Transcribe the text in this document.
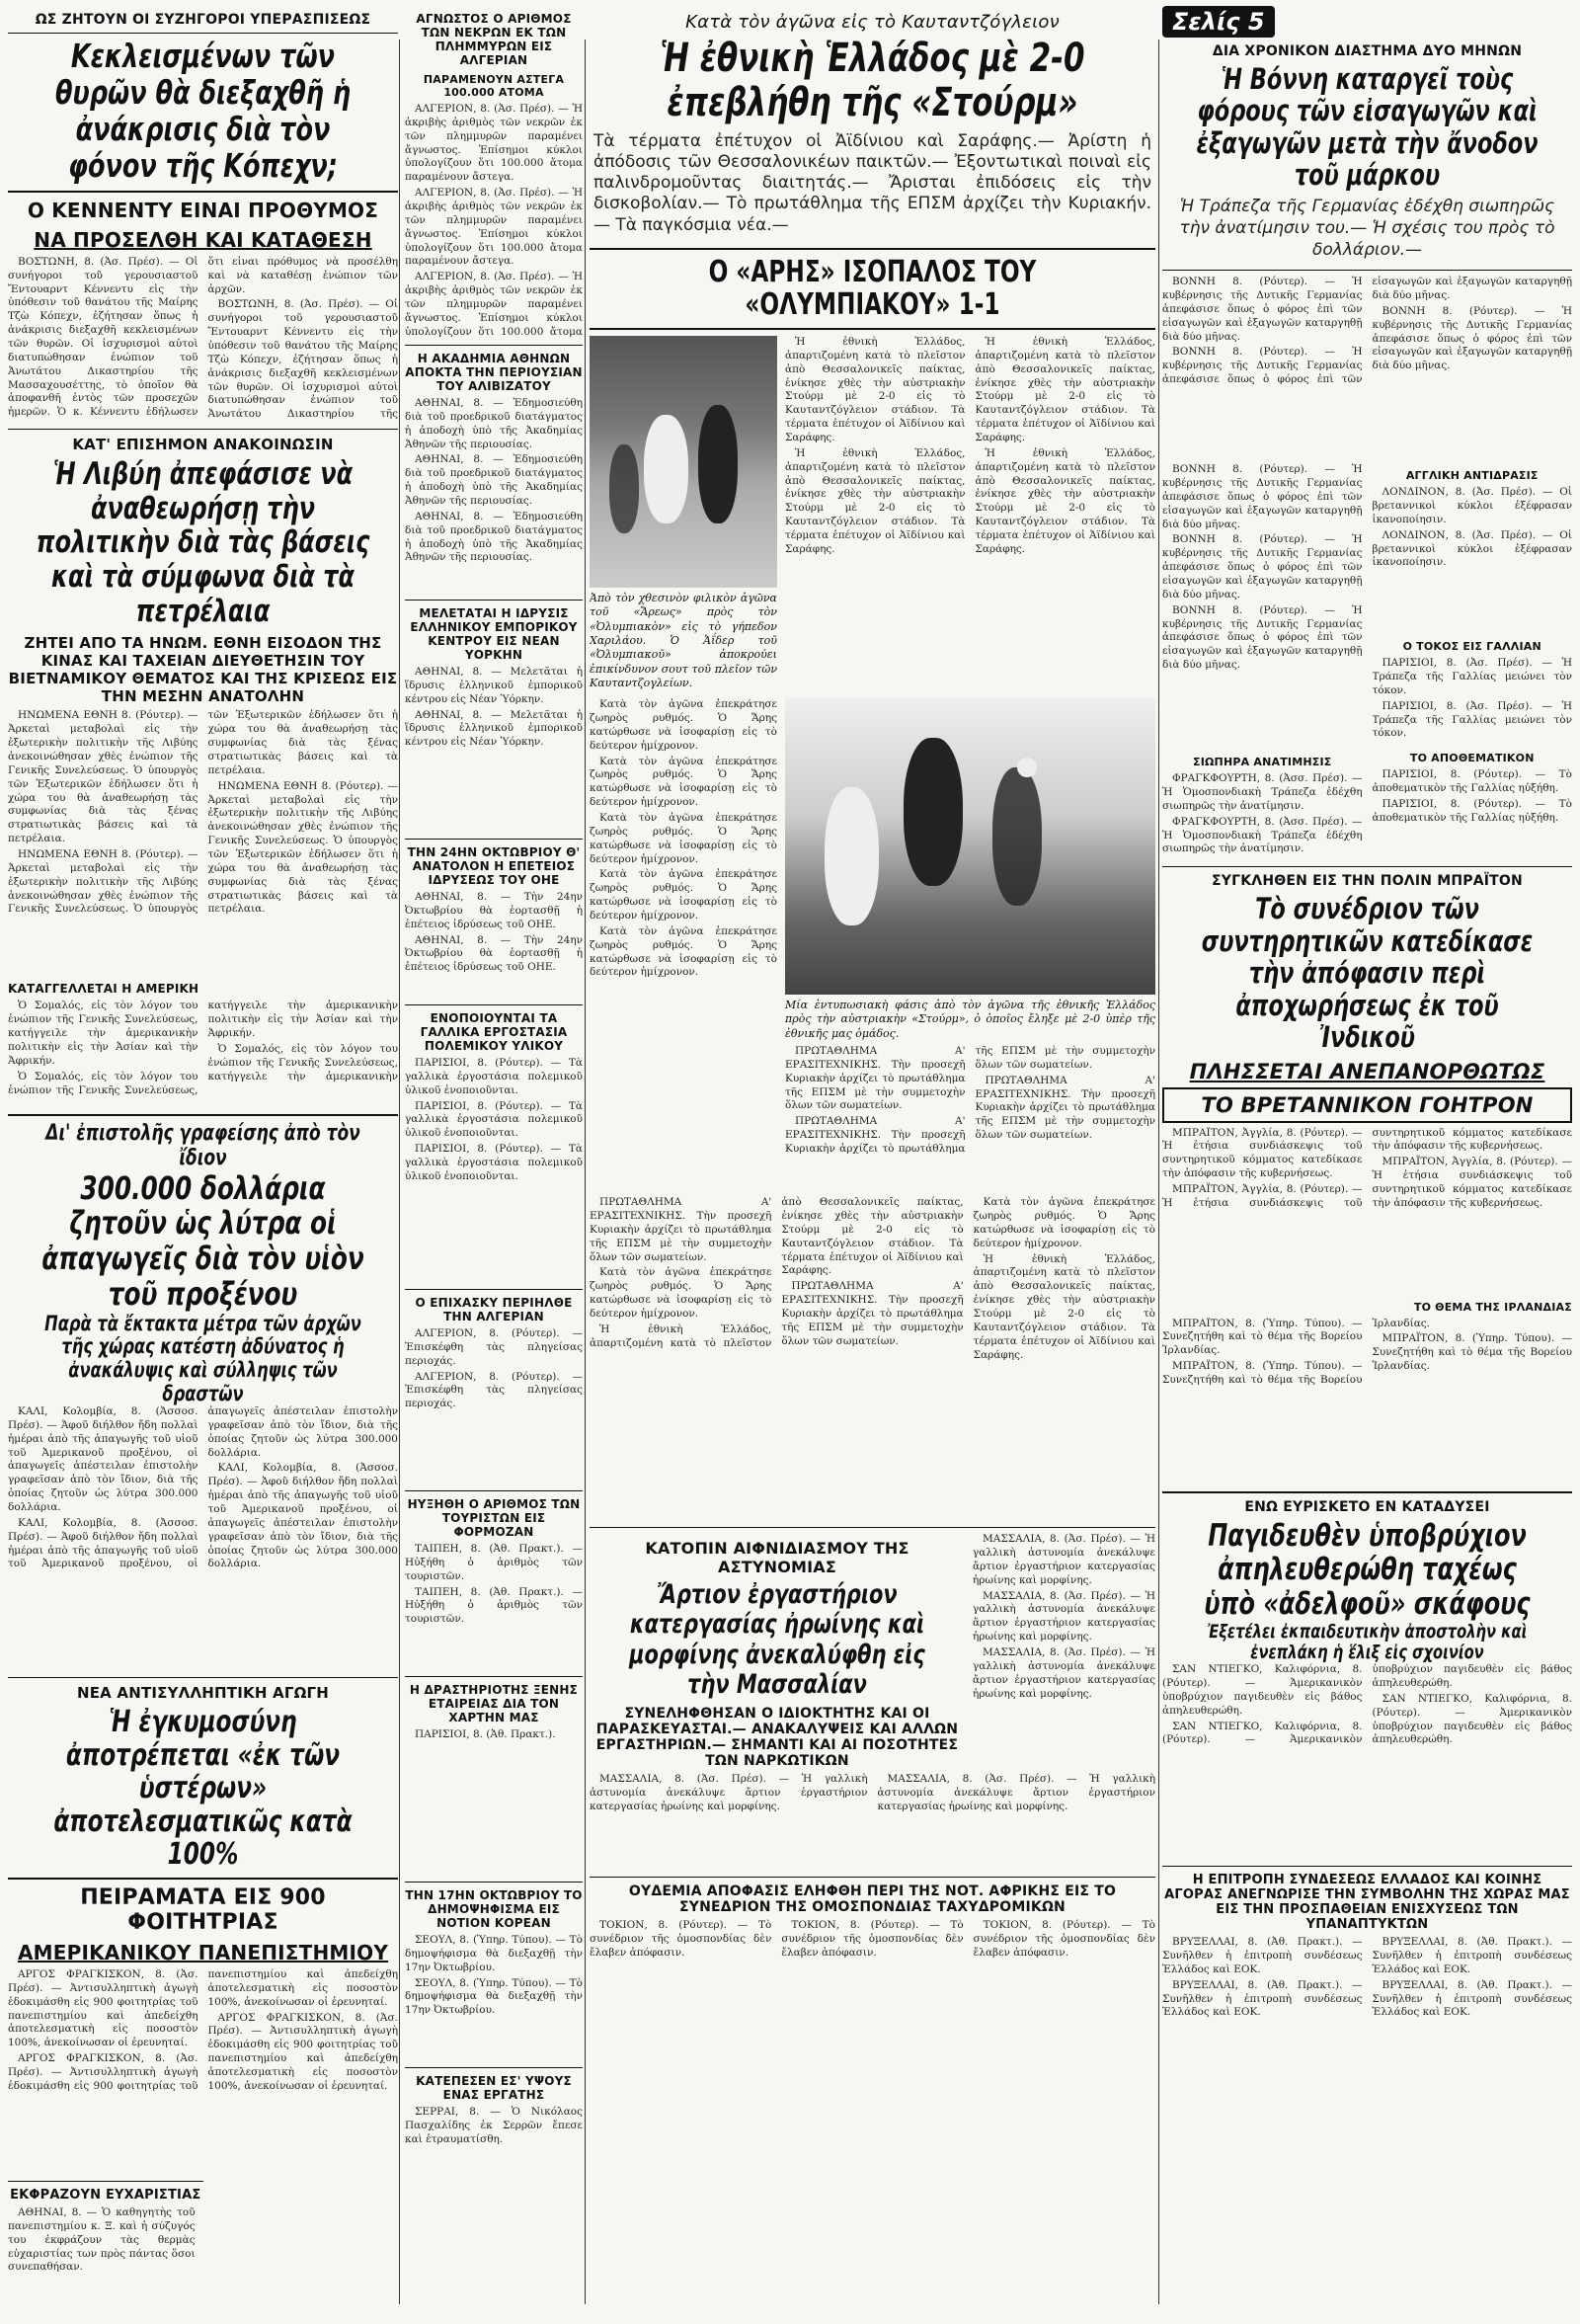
ΩΣ ΖΗΤΟΥΝ ΟΙ ΣΥΖΗΓΟΡΟΙ ΥΠΕΡΑΣΠΙΣΕΩΣ
Κεκλεισμένων τῶν θυρῶν θὰ διεξαχθῆ ἡ ἀνάκρισις διὰ τὸν φόνον τῆς Κόπεχν;
Ο ΚΕΝΝΕΝΤΥ ΕΙΝΑΙ ΠΡΟΘΥΜΟΣ
ΝΑ ΠΡΟΣΕΛΘΗ ΚΑΙ ΚΑΤΑΘΕΣΗ

ΒΟΣΤΩΝΗ, 8. (Ἀσ. Πρέσ). — Οἱ συνήγοροι τοῦ γερουσιαστοῦ Ἔντουαρντ Κέννεντυ εἰς τὴν ὑπόθεσιν τοῦ θανάτου τῆς Μαίρης Τζὼ Κόπεχν, ἐζήτησαν ὅπως ἡ ἀνάκρισις διεξαχθῆ κεκλεισμένων τῶν θυρῶν. Οἱ ἰσχυρισμοὶ αὐτοὶ διατυπώθησαν ἐνώπιον τοῦ Ἀνωτάτου Δικαστηρίου τῆς Μασσαχουσέττης, τὸ ὁποῖον θὰ ἀποφανθῆ ἐντὸς τῶν προσεχῶν ἡμερῶν. Ὁ κ. Κέννεντυ ἐδήλωσεν ὅτι εἶναι πρόθυμος νὰ προσέλθη καὶ νὰ καταθέσῃ ἐνώπιον τῶν ἀρχῶν.

ΒΟΣΤΩΝΗ, 8. (Ἀσ. Πρέσ). — Οἱ συνήγοροι τοῦ γερουσιαστοῦ Ἔντουαρντ Κέννεντυ εἰς τὴν ὑπόθεσιν τοῦ θανάτου τῆς Μαίρης Τζὼ Κόπεχν, ἐζήτησαν ὅπως ἡ ἀνάκρισις διεξαχθῆ κεκλεισμένων τῶν θυρῶν. Οἱ ἰσχυρισμοὶ αὐτοὶ διατυπώθησαν ἐνώπιον τοῦ Ἀνωτάτου Δικαστηρίου τῆς

ΚΑΤ' ΕΠΙΣΗΜΟΝ ΑΝΑΚΟΙΝΩΣΙΝ
Ἡ Λιβύη ἀπεφάσισε νὰ ἀναθεωρήσῃ τὴν πολιτικὴν διὰ τὰς βάσεις καὶ τὰ σύμφωνα διὰ τὰ πετρέλαια
ΖΗΤΕΙ ΑΠΟ ΤΑ ΗΝΩΜ. ΕΘΝΗ ΕΙΣΟΔΟΝ ΤΗΣ ΚΙΝΑΣ ΚΑΙ ΤΑΧΕΙΑΝ ΔΙΕΥΘΕΤΗΣΙΝ ΤΟΥ ΒΙΕΤΝΑΜΙΚΟΥ ΘΕΜΑΤΟΣ ΚΑΙ ΤΗΣ ΚΡΙΣΕΩΣ ΕΙΣ ΤΗΝ ΜΕΣΗΝ ΑΝΑΤΟΛΗΝ

ΗΝΩΜΕΝΑ ΕΘΝΗ 8. (Ρόυτερ). — Ἀρκεταὶ μεταβολαὶ εἰς τὴν ἐξωτερικὴν πολιτικὴν τῆς Λιβύης ἀνεκοινώθησαν χθὲς ἐνώπιον τῆς Γενικῆς Συνελεύσεως. Ὁ ὑπουργὸς τῶν Ἐξωτερικῶν ἐδήλωσεν ὅτι ἡ χώρα του θὰ ἀναθεωρήσῃ τὰς συμφωνίας διὰ τὰς ξένας στρατιωτικὰς βάσεις καὶ τὰ πετρέλαια.

ΗΝΩΜΕΝΑ ΕΘΝΗ 8. (Ρόυτερ). — Ἀρκεταὶ μεταβολαὶ εἰς τὴν ἐξωτερικὴν πολιτικὴν τῆς Λιβύης ἀνεκοινώθησαν χθὲς ἐνώπιον τῆς Γενικῆς Συνελεύσεως. Ὁ ὑπουργὸς τῶν Ἐξωτερικῶν ἐδήλωσεν ὅτι ἡ χώρα του θὰ ἀναθεωρήσῃ τὰς συμφωνίας διὰ τὰς ξένας στρατιωτικὰς βάσεις καὶ τὰ πετρέλαια.

ΗΝΩΜΕΝΑ ΕΘΝΗ 8. (Ρόυτερ). — Ἀρκεταὶ μεταβολαὶ εἰς τὴν ἐξωτερικὴν πολιτικὴν τῆς Λιβύης ἀνεκοινώθησαν χθὲς ἐνώπιον τῆς Γενικῆς Συνελεύσεως. Ὁ ὑπουργὸς τῶν Ἐξωτερικῶν ἐδήλωσεν ὅτι ἡ χώρα του θὰ ἀναθεωρήσῃ τὰς συμφωνίας διὰ τὰς ξένας στρατιωτικὰς βάσεις καὶ τὰ πετρέλαια.

ΚΑΤΑΓΓΕΛΛΕΤΑΙ Η ΑΜΕΡΙΚΗ

Ὁ Σομαλός, εἰς τὸν λόγον του ἐνώπιον τῆς Γενικῆς Συνελεύσεως, κατήγγειλε τὴν ἀμερικανικὴν πολιτικὴν εἰς τὴν Ἀσίαν καὶ τὴν Ἀφρικήν.

Ὁ Σομαλός, εἰς τὸν λόγον του ἐνώπιον τῆς Γενικῆς Συνελεύσεως, κατήγγειλε τὴν ἀμερικανικὴν πολιτικὴν εἰς τὴν Ἀσίαν καὶ τὴν Ἀφρικήν.

Ὁ Σομαλός, εἰς τὸν λόγον του ἐνώπιον τῆς Γενικῆς Συνελεύσεως, κατήγγειλε τὴν ἀμερικανικὴν

Δι' ἐπιστολῆς γραφείσης ἀπὸ τὸν ἴδιον
300.000 δολλάρια ζητοῦν ὡς λύτρα οἱ ἀπαγωγεῖς διὰ τὸν υἱὸν τοῦ προξένου
Παρὰ τὰ ἔκτακτα μέτρα τῶν ἀρχῶν τῆς χώρας κατέστη ἀδύνατος ἡ ἀνακάλυψις καὶ σύλληψις τῶν δραστῶν

ΚΑΛΙ, Κολομβία, 8. (Ἀσσοσ. Πρέσ). — Ἀφοῦ διήλθον ἤδη πολλαὶ ἡμέραι ἀπὸ τῆς ἀπαγωγῆς τοῦ υἱοῦ τοῦ Ἀμερικανοῦ προξένου, οἱ ἀπαγωγεῖς ἀπέστειλαν ἐπιστολὴν γραφεῖσαν ἀπὸ τὸν ἴδιον, διὰ τῆς ὁποίας ζητοῦν ὡς λύτρα 300.000 δολλάρια.

ΚΑΛΙ, Κολομβία, 8. (Ἀσσοσ. Πρέσ). — Ἀφοῦ διήλθον ἤδη πολλαὶ ἡμέραι ἀπὸ τῆς ἀπαγωγῆς τοῦ υἱοῦ τοῦ Ἀμερικανοῦ προξένου, οἱ ἀπαγωγεῖς ἀπέστειλαν ἐπιστολὴν γραφεῖσαν ἀπὸ τὸν ἴδιον, διὰ τῆς ὁποίας ζητοῦν ὡς λύτρα 300.000 δολλάρια.

ΚΑΛΙ, Κολομβία, 8. (Ἀσσοσ. Πρέσ). — Ἀφοῦ διήλθον ἤδη πολλαὶ ἡμέραι ἀπὸ τῆς ἀπαγωγῆς τοῦ υἱοῦ τοῦ Ἀμερικανοῦ προξένου, οἱ ἀπαγωγεῖς ἀπέστειλαν ἐπιστολὴν γραφεῖσαν ἀπὸ τὸν ἴδιον, διὰ τῆς ὁποίας ζητοῦν ὡς λύτρα 300.000 δολλάρια.

ΝΕΑ ΑΝΤΙΣΥΛΛΗΠΤΙΚΗ ΑΓΩΓΗ
Ἡ ἐγκυμοσύνη ἀποτρέπεται «ἐκ τῶν ὑστέρων» ἀποτελεσματικῶς κατὰ 100%
ΠΕΙΡΑΜΑΤΑ ΕΙΣ 900 ΦΟΙΤΗΤΡΙΑΣ
ΑΜΕΡΙΚΑΝΙΚΟΥ ΠΑΝΕΠΙΣΤΗΜΙΟΥ

ΑΡΓΟΣ ΦΡΑΓΚΙΣΚΟΝ, 8. (Ἀσ. Πρέσ). — Ἀντισυλληπτικὴ ἀγωγὴ ἐδοκιμάσθη εἰς 900 φοιτητρίας τοῦ πανεπιστημίου καὶ ἀπεδείχθη ἀποτελεσματικὴ εἰς ποσοστὸν 100%, ἀνεκοίνωσαν οἱ ἐρευνηταί.

ΑΡΓΟΣ ΦΡΑΓΚΙΣΚΟΝ, 8. (Ἀσ. Πρέσ). — Ἀντισυλληπτικὴ ἀγωγὴ ἐδοκιμάσθη εἰς 900 φοιτητρίας τοῦ πανεπιστημίου καὶ ἀπεδείχθη ἀποτελεσματικὴ εἰς ποσοστὸν 100%, ἀνεκοίνωσαν οἱ ἐρευνηταί.

ΑΡΓΟΣ ΦΡΑΓΚΙΣΚΟΝ, 8. (Ἀσ. Πρέσ). — Ἀντισυλληπτικὴ ἀγωγὴ ἐδοκιμάσθη εἰς 900 φοιτητρίας τοῦ πανεπιστημίου καὶ ἀπεδείχθη ἀποτελεσματικὴ εἰς ποσοστὸν 100%, ἀνεκοίνωσαν οἱ ἐρευνηταί.

ΕΚΦΡΑΖΟΥΝ ΕΥΧΑΡΙΣΤΙΑΣ

ΑΘΗΝΑΙ, 8. — Ὁ καθηγητὴς τοῦ πανεπιστημίου κ. Ξ. καὶ ἡ σύζυγός του ἐκφράζουν τὰς θερμὰς εὐχαριστίας των πρὸς πάντας ὅσοι συνεπαθήσαν.

ΑΓΝΩΣΤΟΣ Ο ΑΡΙΘΜΟΣ ΤΩΝ ΝΕΚΡΩΝ ΕΚ ΤΩΝ ΠΛΗΜΜΥΡΩΝ ΕΙΣ ΑΛΓΕΡΙΑΝ
ΠΑΡΑΜΕΝΟΥΝ ΑΣΤΕΓΑ 100.000 ΑΤΟΜΑ

ΑΛΓΕΡΙΟΝ, 8. (Ἀσ. Πρέσ). — Ἡ ἀκριβὴς ἀριθμὸς τῶν νεκρῶν ἐκ τῶν πλημμυρῶν παραμένει ἄγνωστος. Ἐπίσημοι κύκλοι ὑπολογίζουν ὅτι 100.000 ἄτομα παραμένουν ἄστεγα.

ΑΛΓΕΡΙΟΝ, 8. (Ἀσ. Πρέσ). — Ἡ ἀκριβὴς ἀριθμὸς τῶν νεκρῶν ἐκ τῶν πλημμυρῶν παραμένει ἄγνωστος. Ἐπίσημοι κύκλοι ὑπολογίζουν ὅτι 100.000 ἄτομα παραμένουν ἄστεγα.

ΑΛΓΕΡΙΟΝ, 8. (Ἀσ. Πρέσ). — Ἡ ἀκριβὴς ἀριθμὸς τῶν νεκρῶν ἐκ τῶν πλημμυρῶν παραμένει ἄγνωστος. Ἐπίσημοι κύκλοι ὑπολογίζουν ὅτι 100.000 ἄτομα

Η ΑΚΑΔΗΜΙΑ ΑΘΗΝΩΝ ΑΠΟΚΤΑ ΤΗΝ ΠΕΡΙΟΥΣΙΑΝ ΤΟΥ ΑΛΙΒΙΖΑΤΟΥ

ΑΘΗΝΑΙ, 8. — Ἐδημοσιεύθη διὰ τοῦ προεδρικοῦ διατάγματος ἡ ἀποδοχὴ ὑπὸ τῆς Ἀκαδημίας Ἀθηνῶν τῆς περιουσίας.

ΑΘΗΝΑΙ, 8. — Ἐδημοσιεύθη διὰ τοῦ προεδρικοῦ διατάγματος ἡ ἀποδοχὴ ὑπὸ τῆς Ἀκαδημίας Ἀθηνῶν τῆς περιουσίας.

ΑΘΗΝΑΙ, 8. — Ἐδημοσιεύθη διὰ τοῦ προεδρικοῦ διατάγματος ἡ ἀποδοχὴ ὑπὸ τῆς Ἀκαδημίας Ἀθηνῶν τῆς περιουσίας.

ΜΕΛΕΤΑΤΑΙ Η ΙΔΡΥΣΙΣ ΕΛΛΗΝΙΚΟΥ ΕΜΠΟΡΙΚΟΥ ΚΕΝΤΡΟΥ ΕΙΣ ΝΕΑΝ ΥΟΡΚΗΝ

ΑΘΗΝΑΙ, 8. — Μελετᾶται ἡ ἵδρυσις ἑλληνικοῦ ἐμπορικοῦ κέντρου εἰς Νέαν Ὑόρκην.

ΑΘΗΝΑΙ, 8. — Μελετᾶται ἡ ἵδρυσις ἑλληνικοῦ ἐμπορικοῦ κέντρου εἰς Νέαν Ὑόρκην.

ΤΗΝ 24ΗΝ ΟΚΤΩΒΡΙΟΥ Θ' ΑΝΑΤΟΛΟΝ Η ΕΠΕΤΕΙΟΣ ΙΔΡΥΣΕΩΣ ΤΟΥ ΟΗΕ

ΑΘΗΝΑΙ, 8. — Τὴν 24ην Ὀκτωβρίου θὰ ἑορτασθῇ ἡ ἐπέτειος ἱδρύσεως τοῦ ΟΗΕ.

ΑΘΗΝΑΙ, 8. — Τὴν 24ην Ὀκτωβρίου θὰ ἑορτασθῇ ἡ ἐπέτειος ἱδρύσεως τοῦ ΟΗΕ.

ΕΝΟΠΟΙΟΥΝΤΑΙ ΤΑ ΓΑΛΛΙΚΑ ΕΡΓΟΣΤΑΣΙΑ ΠΟΛΕΜΙΚΟΥ ΥΛΙΚΟΥ

ΠΑΡΙΣΙΟΙ, 8. (Ρόυτερ). — Τὰ γαλλικὰ ἐργοστάσια πολεμικοῦ ὑλικοῦ ἐνοποιοῦνται.

ΠΑΡΙΣΙΟΙ, 8. (Ρόυτερ). — Τὰ γαλλικὰ ἐργοστάσια πολεμικοῦ ὑλικοῦ ἐνοποιοῦνται.

ΠΑΡΙΣΙΟΙ, 8. (Ρόυτερ). — Τὰ γαλλικὰ ἐργοστάσια πολεμικοῦ ὑλικοῦ ἐνοποιοῦνται.

Ο ΕΠΙΧΑΣΚΥ ΠΕΡΙΗΛΘΕ ΤΗΝ ΑΛΓΕΡΙΑΝ

ΑΛΓΕΡΙΟΝ, 8. (Ρόυτερ). — Ἐπισκέφθη τὰς πληγείσας περιοχάς.

ΑΛΓΕΡΙΟΝ, 8. (Ρόυτερ). — Ἐπισκέφθη τὰς πληγείσας περιοχάς.

ΗΥΞΗΘΗ Ο ΑΡΙΘΜΟΣ ΤΩΝ ΤΟΥΡΙΣΤΩΝ ΕΙΣ ΦΟΡΜΟΖΑΝ

ΤΑΙΠΕΗ, 8. (Ἀθ. Πρακτ.). — Ηὐξήθη ὁ ἀριθμὸς τῶν τουριστῶν.

ΤΑΙΠΕΗ, 8. (Ἀθ. Πρακτ.). — Ηὐξήθη ὁ ἀριθμὸς τῶν τουριστῶν.

Η ΔΡΑΣΤΗΡΙΟΤΗΣ ΞΕΝΗΣ ΕΤΑΙΡΕΙΑΣ ΔΙΑ ΤΟΝ ΧΑΡΤΗΝ ΜΑΣ

ΠΑΡΙΣΙΟΙ, 8. (Ἀθ. Πρακτ.).

ΤΗΝ 17ΗΝ ΟΚΤΩΒΡΙΟΥ ΤΟ ΔΗΜΟΨΗΦΙΣΜΑ ΕΙΣ ΝΟΤΙΟΝ ΚΟΡΕΑΝ

ΣΕΟΥΛ, 8. (Ὑπηρ. Τύπου). — Τὸ δημοψήφισμα θὰ διεξαχθῇ τὴν 17ην Ὀκτωβρίου.

ΣΕΟΥΛ, 8. (Ὑπηρ. Τύπου). — Τὸ δημοψήφισμα θὰ διεξαχθῇ τὴν 17ην Ὀκτωβρίου.

ΚΑΤΕΠΕΣΕΝ ΕΣ' ΥΨΟΥΣ ΕΝΑΣ ΕΡΓΑΤΗΣ

ΣΕΡΡΑΙ, 8. — Ὁ Νικόλαος Πασχαλίδης ἐκ Σερρῶν ἔπεσε καὶ ἐτραυματίσθη.

Κατὰ τὸν ἀγῶνα εἰς τὸ Καυταντζόγλειον
Ἡ ἐθνικὴ Ἑλλάδος μὲ 2-0 ἐπεβλήθη τῆς «Στούρμ»
Τὰ τέρματα ἐπέτυχον οἱ Ἀϊδίνιου καὶ Σαράφης.— Ἀρίστη ἡ ἀπόδοσις τῶν Θεσσαλονικέων παικτῶν.— Ἐξοντωτικαὶ ποιναὶ εἰς παλινδρομοῦντας διαιτητάς.— Ἄρισται ἐπιδόσεις εἰς τὴν δισκοβολίαν.— Τὸ πρωτάθλημα τῆς ΕΠΣΜ ἀρχίζει τὴν Κυριακήν.— Τὰ παγκόσμια νέα.—
Ο «ΑΡΗΣ» ΙΣΟΠΑΛΟΣ ΤΟΥ «ΟΛΥΜΠΙΑΚΟΥ» 1-1
Ἀπὸ τὸν χθεσινὸν φιλικὸν ἀγῶνα τοῦ «Ἄρεως» πρὸς τὸν «Ὀλυμπιακὸν» εἰς τὸ γήπεδον Χαριλάου. Ὁ Ἀΐδερ τοῦ «Ὀλυμπιακοῦ» ἀποκρούει ἐπικίνδυνον σουτ τοῦ πλεῖον τῶν Καυταντζογλείων.

Ἡ ἐθνικὴ Ἑλλάδος, ἀπαρτιζομένη κατὰ τὸ πλεῖστον ἀπὸ Θεσσαλονικεῖς παίκτας, ἐνίκησε χθὲς τὴν αὐστριακὴν Στούρμ μὲ 2-0 εἰς τὸ Καυταντζόγλειον στάδιον. Τὰ τέρματα ἐπέτυχον οἱ Ἀϊδίνιου καὶ Σαράφης.

Ἡ ἐθνικὴ Ἑλλάδος, ἀπαρτιζομένη κατὰ τὸ πλεῖστον ἀπὸ Θεσσαλονικεῖς παίκτας, ἐνίκησε χθὲς τὴν αὐστριακὴν Στούρμ μὲ 2-0 εἰς τὸ Καυταντζόγλειον στάδιον. Τὰ τέρματα ἐπέτυχον οἱ Ἀϊδίνιου καὶ Σαράφης.

Ἡ ἐθνικὴ Ἑλλάδος, ἀπαρτιζομένη κατὰ τὸ πλεῖστον ἀπὸ Θεσσαλονικεῖς παίκτας, ἐνίκησε χθὲς τὴν αὐστριακὴν Στούρμ μὲ 2-0 εἰς τὸ Καυταντζόγλειον στάδιον. Τὰ τέρματα ἐπέτυχον οἱ Ἀϊδίνιου καὶ Σαράφης.

Ἡ ἐθνικὴ Ἑλλάδος, ἀπαρτιζομένη κατὰ τὸ πλεῖστον ἀπὸ Θεσσαλονικεῖς παίκτας, ἐνίκησε χθὲς τὴν αὐστριακὴν Στούρμ μὲ 2-0 εἰς τὸ Καυταντζόγλειον στάδιον. Τὰ τέρματα ἐπέτυχον οἱ Ἀϊδίνιου καὶ Σαράφης.

Κατὰ τὸν ἀγῶνα ἐπεκράτησε ζωηρὸς ρυθμός. Ὁ Ἄρης κατώρθωσε νὰ ἰσοφαρίσῃ εἰς τὸ δεύτερον ἡμίχρονον.

Κατὰ τὸν ἀγῶνα ἐπεκράτησε ζωηρὸς ρυθμός. Ὁ Ἄρης κατώρθωσε νὰ ἰσοφαρίσῃ εἰς τὸ δεύτερον ἡμίχρονον.

Κατὰ τὸν ἀγῶνα ἐπεκράτησε ζωηρὸς ρυθμός. Ὁ Ἄρης κατώρθωσε νὰ ἰσοφαρίσῃ εἰς τὸ δεύτερον ἡμίχρονον.

Κατὰ τὸν ἀγῶνα ἐπεκράτησε ζωηρὸς ρυθμός. Ὁ Ἄρης κατώρθωσε νὰ ἰσοφαρίσῃ εἰς τὸ δεύτερον ἡμίχρονον.

Κατὰ τὸν ἀγῶνα ἐπεκράτησε ζωηρὸς ρυθμός. Ὁ Ἄρης κατώρθωσε νὰ ἰσοφαρίσῃ εἰς τὸ δεύτερον ἡμίχρονον.

Μία ἐντυπωσιακὴ φάσις ἀπὸ τὸν ἀγῶνα τῆς ἐθνικῆς Ἑλλάδος πρὸς τὴν αὐστριακὴν «Στούρμ», ὁ ὁποῖος ἔληξε μὲ 2-0 ὑπὲρ τῆς ἐθνικῆς μας ὁμάδος.

ΠΡΩΤΑΘΛΗΜΑ Α' ΕΡΑΣΙΤΕΧΝΙΚΗΣ. Τὴν προσεχῆ Κυριακὴν ἀρχίζει τὸ πρωτάθλημα τῆς ΕΠΣΜ μὲ τὴν συμμετοχὴν ὅλων τῶν σωματείων.

ΠΡΩΤΑΘΛΗΜΑ Α' ΕΡΑΣΙΤΕΧΝΙΚΗΣ. Τὴν προσεχῆ Κυριακὴν ἀρχίζει τὸ πρωτάθλημα τῆς ΕΠΣΜ μὲ τὴν συμμετοχὴν ὅλων τῶν σωματείων.

ΠΡΩΤΑΘΛΗΜΑ Α' ΕΡΑΣΙΤΕΧΝΙΚΗΣ. Τὴν προσεχῆ Κυριακὴν ἀρχίζει τὸ πρωτάθλημα τῆς ΕΠΣΜ μὲ τὴν συμμετοχὴν ὅλων τῶν σωματείων.

ΠΡΩΤΑΘΛΗΜΑ Α' ΕΡΑΣΙΤΕΧΝΙΚΗΣ. Τὴν προσεχῆ Κυριακὴν ἀρχίζει τὸ πρωτάθλημα τῆς ΕΠΣΜ μὲ τὴν συμμετοχὴν ὅλων τῶν σωματείων.

Κατὰ τὸν ἀγῶνα ἐπεκράτησε ζωηρὸς ρυθμός. Ὁ Ἄρης κατώρθωσε νὰ ἰσοφαρίσῃ εἰς τὸ δεύτερον ἡμίχρονον.

Ἡ ἐθνικὴ Ἑλλάδος, ἀπαρτιζομένη κατὰ τὸ πλεῖστον ἀπὸ Θεσσαλονικεῖς παίκτας, ἐνίκησε χθὲς τὴν αὐστριακὴν Στούρμ μὲ 2-0 εἰς τὸ Καυταντζόγλειον στάδιον. Τὰ τέρματα ἐπέτυχον οἱ Ἀϊδίνιου καὶ Σαράφης.

ΠΡΩΤΑΘΛΗΜΑ Α' ΕΡΑΣΙΤΕΧΝΙΚΗΣ. Τὴν προσεχῆ Κυριακὴν ἀρχίζει τὸ πρωτάθλημα τῆς ΕΠΣΜ μὲ τὴν συμμετοχὴν ὅλων τῶν σωματείων.

Κατὰ τὸν ἀγῶνα ἐπεκράτησε ζωηρὸς ρυθμός. Ὁ Ἄρης κατώρθωσε νὰ ἰσοφαρίσῃ εἰς τὸ δεύτερον ἡμίχρονον.

Ἡ ἐθνικὴ Ἑλλάδος, ἀπαρτιζομένη κατὰ τὸ πλεῖστον ἀπὸ Θεσσαλονικεῖς παίκτας, ἐνίκησε χθὲς τὴν αὐστριακὴν Στούρμ μὲ 2-0 εἰς τὸ Καυταντζόγλειον στάδιον. Τὰ τέρματα ἐπέτυχον οἱ Ἀϊδίνιου καὶ Σαράφης.

ΚΑΤΟΠΙΝ ΑΙΦΝΙΔΙΑΣΜΟΥ ΤΗΣ ΑΣΤΥΝΟΜΙΑΣ
Ἄρτιον ἐργαστήριον κατεργασίας ἠρωίνης καὶ μορφίνης ἀνεκαλύφθη εἰς τὴν Μασσαλίαν
ΣΥΝΕΛΗΦΘΗΣΑΝ Ο ΙΔΙΟΚΤΗΤΗΣ ΚΑΙ ΟΙ ΠΑΡΑΣΚΕΥΑΣΤΑΙ.— ΑΝΑΚΑΛΥΨΕΙΣ ΚΑΙ ΑΛΛΩΝ ΕΡΓΑΣΤΗΡΙΩΝ.— ΣΗΜΑΝΤΙ ΚΑΙ ΑΙ ΠΟΣΟΤΗΤΕΣ ΤΩΝ ΝΑΡΚΩΤΙΚΩΝ

ΜΑΣΣΑΛΙΑ, 8. (Ἀσ. Πρέσ). — Ἡ γαλλικὴ ἀστυνομία ἀνεκάλυψε ἄρτιον ἐργαστήριον κατεργασίας ἠρωίνης καὶ μορφίνης.

ΜΑΣΣΑΛΙΑ, 8. (Ἀσ. Πρέσ). — Ἡ γαλλικὴ ἀστυνομία ἀνεκάλυψε ἄρτιον ἐργαστήριον κατεργασίας ἠρωίνης καὶ μορφίνης.

ΜΑΣΣΑΛΙΑ, 8. (Ἀσ. Πρέσ). — Ἡ γαλλικὴ ἀστυνομία ἀνεκάλυψε ἄρτιον ἐργαστήριον κατεργασίας ἠρωίνης καὶ μορφίνης.

ΜΑΣΣΑΛΙΑ, 8. (Ἀσ. Πρέσ). — Ἡ γαλλικὴ ἀστυνομία ἀνεκάλυψε ἄρτιον ἐργαστήριον κατεργασίας ἠρωίνης καὶ μορφίνης.

ΜΑΣΣΑΛΙΑ, 8. (Ἀσ. Πρέσ). — Ἡ γαλλικὴ ἀστυνομία ἀνεκάλυψε ἄρτιον ἐργαστήριον κατεργασίας ἠρωίνης καὶ μορφίνης.

ΟΥΔΕΜΙΑ ΑΠΟΦΑΣΙΣ ΕΛΗΦΘΗ ΠΕΡΙ ΤΗΣ ΝΟΤ. ΑΦΡΙΚΗΣ ΕΙΣ ΤΟ ΣΥΝΕΔΡΙΟΝ ΤΗΣ ΟΜΟΣΠΟΝΔΙΑΣ ΤΑΧΥΔΡΟΜΙΚΩΝ

ΤΟΚΙΟΝ, 8. (Ρόυτερ). — Τὸ συνέδριον τῆς ὁμοσπονδίας δὲν ἔλαβεν ἀπόφασιν.

ΤΟΚΙΟΝ, 8. (Ρόυτερ). — Τὸ συνέδριον τῆς ὁμοσπονδίας δὲν ἔλαβεν ἀπόφασιν.

ΤΟΚΙΟΝ, 8. (Ρόυτερ). — Τὸ συνέδριον τῆς ὁμοσπονδίας δὲν ἔλαβεν ἀπόφασιν.

Σελίς 5
ΔΙΑ ΧΡΟΝΙΚΟΝ ΔΙΑΣΤΗΜΑ ΔΥΟ ΜΗΝΩΝ
Ἡ Βόννη καταργεῖ τοὺς φόρους τῶν εἰσαγωγῶν καὶ ἐξαγωγῶν μετὰ τὴν ἄνοδον τοῦ μάρκου
Ἡ Τράπεζα τῆς Γερμανίας ἐδέχθη σιωπηρῶς τὴν ἀνατίμησιν του.— Ἡ σχέσις του πρὸς τὸ δολλάριον.—

ΒΟΝΝΗ 8. (Ρόυτερ). — Ἡ κυβέρνησις τῆς Δυτικῆς Γερμανίας ἀπεφάσισε ὅπως ὁ φόρος ἐπὶ τῶν εἰσαγωγῶν καὶ ἐξαγωγῶν καταργηθῇ διὰ δύο μῆνας.

ΒΟΝΝΗ 8. (Ρόυτερ). — Ἡ κυβέρνησις τῆς Δυτικῆς Γερμανίας ἀπεφάσισε ὅπως ὁ φόρος ἐπὶ τῶν εἰσαγωγῶν καὶ ἐξαγωγῶν καταργηθῇ διὰ δύο μῆνας.

ΒΟΝΝΗ 8. (Ρόυτερ). — Ἡ κυβέρνησις τῆς Δυτικῆς Γερμανίας ἀπεφάσισε ὅπως ὁ φόρος ἐπὶ τῶν εἰσαγωγῶν καὶ ἐξαγωγῶν καταργηθῇ διὰ δύο μῆνας.

ΒΟΝΝΗ 8. (Ρόυτερ). — Ἡ κυβέρνησις τῆς Δυτικῆς Γερμανίας ἀπεφάσισε ὅπως ὁ φόρος ἐπὶ τῶν εἰσαγωγῶν καὶ ἐξαγωγῶν καταργηθῇ διὰ δύο μῆνας.

ΒΟΝΝΗ 8. (Ρόυτερ). — Ἡ κυβέρνησις τῆς Δυτικῆς Γερμανίας ἀπεφάσισε ὅπως ὁ φόρος ἐπὶ τῶν εἰσαγωγῶν καὶ ἐξαγωγῶν καταργηθῇ διὰ δύο μῆνας.

ΒΟΝΝΗ 8. (Ρόυτερ). — Ἡ κυβέρνησις τῆς Δυτικῆς Γερμανίας ἀπεφάσισε ὅπως ὁ φόρος ἐπὶ τῶν εἰσαγωγῶν καὶ ἐξαγωγῶν καταργηθῇ διὰ δύο μῆνας.

ΣΙΩΠΗΡΑ ΑΝΑΤΙΜΗΣΙΣ

ΦΡΑΓΚΦΟΥΡΤΗ, 8. (Ἀσσ. Πρέσ). — Ἡ Ὁμοσπονδιακὴ Τράπεζα ἐδέχθη σιωπηρῶς τὴν ἀνατίμησιν.

ΦΡΑΓΚΦΟΥΡΤΗ, 8. (Ἀσσ. Πρέσ). — Ἡ Ὁμοσπονδιακὴ Τράπεζα ἐδέχθη σιωπηρῶς τὴν ἀνατίμησιν.

ΑΓΓΛΙΚΗ ΑΝΤΙΔΡΑΣΙΣ

ΛΟΝΔΙΝΟΝ, 8. (Ἀσ. Πρέσ). — Οἱ βρεταννικοὶ κύκλοι ἐξέφρασαν ἱκανοποίησιν.

ΛΟΝΔΙΝΟΝ, 8. (Ἀσ. Πρέσ). — Οἱ βρεταννικοὶ κύκλοι ἐξέφρασαν ἱκανοποίησιν.

Ο ΤΟΚΟΣ ΕΙΣ ΓΑΛΛΙΑΝ

ΠΑΡΙΣΙΟΙ, 8. (Ἀσ. Πρέσ). — Ἡ Τράπεζα τῆς Γαλλίας μειώνει τὸν τόκον.

ΠΑΡΙΣΙΟΙ, 8. (Ἀσ. Πρέσ). — Ἡ Τράπεζα τῆς Γαλλίας μειώνει τὸν τόκον.

ΤΟ ΑΠΟΘΕΜΑΤΙΚΟΝ

ΠΑΡΙΣΙΟΙ, 8. (Ρόυτερ). — Τὸ ἀποθεματικὸν τῆς Γαλλίας ηὐξήθη.

ΠΑΡΙΣΙΟΙ, 8. (Ρόυτερ). — Τὸ ἀποθεματικὸν τῆς Γαλλίας ηὐξήθη.

ΣΥΓΚΛΗΘΕΝ ΕΙΣ ΤΗΝ ΠΟΛΙΝ ΜΠΡΑΪΤΟΝ
Τὸ συνέδριον τῶν συντηρητικῶν κατεδίκασε τὴν ἀπόφασιν περὶ ἀποχωρήσεως ἐκ τοῦ Ἰνδικοῦ
ΠΛΗΣΣΕΤΑΙ ΑΝΕΠΑΝΟΡΘΩΤΩΣ
ΤΟ ΒΡΕΤΑΝΝΙΚΟΝ ΓΟΗΤΡΟΝ

ΜΠΡΑΪΤΟΝ, Ἀγγλία, 8. (Ρόυτερ). — Ἡ ἐτήσια συνδιάσκεψις τοῦ συντηρητικοῦ κόμματος κατεδίκασε τὴν ἀπόφασιν τῆς κυβερνήσεως.

ΜΠΡΑΪΤΟΝ, Ἀγγλία, 8. (Ρόυτερ). — Ἡ ἐτήσια συνδιάσκεψις τοῦ συντηρητικοῦ κόμματος κατεδίκασε τὴν ἀπόφασιν τῆς κυβερνήσεως.

ΜΠΡΑΪΤΟΝ, Ἀγγλία, 8. (Ρόυτερ). — Ἡ ἐτήσια συνδιάσκεψις τοῦ συντηρητικοῦ κόμματος κατεδίκασε τὴν ἀπόφασιν τῆς κυβερνήσεως.

ΤΟ ΘΕΜΑ ΤΗΣ ΙΡΛΑΝΔΙΑΣ

ΜΠΡΑΪΤΟΝ, 8. (Ὑπηρ. Τύπου). — Συνεζητήθη καὶ τὸ θέμα τῆς Βορείου Ἰρλανδίας.

ΜΠΡΑΪΤΟΝ, 8. (Ὑπηρ. Τύπου). — Συνεζητήθη καὶ τὸ θέμα τῆς Βορείου Ἰρλανδίας.

ΜΠΡΑΪΤΟΝ, 8. (Ὑπηρ. Τύπου). — Συνεζητήθη καὶ τὸ θέμα τῆς Βορείου Ἰρλανδίας.

ΕΝΩ ΕΥΡΙΣΚΕΤΟ ΕΝ ΚΑΤΑΔΥΣΕΙ
Παγιδευθὲν ὑποβρύχιον ἀπηλευθερώθη ταχέως ὑπὸ «ἀδελφοῦ» σκάφους
Ἐξετέλει ἐκπαιδευτικὴν ἀποστολὴν καὶ ἐνεπλάκη ἡ ἕλιξ εἰς σχοινίον

ΣΑΝ ΝΤΙΕΓΚΟ, Καλιφόρνια, 8. (Ρόυτερ). — Ἀμερικανικὸν ὑποβρύχιον παγιδευθὲν εἰς βάθος ἀπηλευθερώθη.

ΣΑΝ ΝΤΙΕΓΚΟ, Καλιφόρνια, 8. (Ρόυτερ). — Ἀμερικανικὸν ὑποβρύχιον παγιδευθὲν εἰς βάθος ἀπηλευθερώθη.

ΣΑΝ ΝΤΙΕΓΚΟ, Καλιφόρνια, 8. (Ρόυτερ). — Ἀμερικανικὸν ὑποβρύχιον παγιδευθὲν εἰς βάθος ἀπηλευθερώθη.

Η ΕΠΙΤΡΟΠΗ ΣΥΝΔΕΣΕΩΣ ΕΛΛΑΔΟΣ ΚΑΙ ΚΟΙΝΗΣ ΑΓΟΡΑΣ ΑΝΕΓΝΩΡΙΣΕ ΤΗΝ ΣΥΜΒΟΛΗΝ ΤΗΣ ΧΩΡΑΣ ΜΑΣ ΕΙΣ ΤΗΝ ΠΡΟΣΠΑΘΕΙΑΝ ΕΝΙΣΧΥΣΕΩΣ ΤΩΝ ΥΠΑΝΑΠΤΥΚΤΩΝ

ΒΡΥΞΕΛΛΑΙ, 8. (Ἀθ. Πρακτ.). — Συνῆλθεν ἡ ἐπιτροπὴ συνδέσεως Ἑλλάδος καὶ ΕΟΚ.

ΒΡΥΞΕΛΛΑΙ, 8. (Ἀθ. Πρακτ.). — Συνῆλθεν ἡ ἐπιτροπὴ συνδέσεως Ἑλλάδος καὶ ΕΟΚ.

ΒΡΥΞΕΛΛΑΙ, 8. (Ἀθ. Πρακτ.). — Συνῆλθεν ἡ ἐπιτροπὴ συνδέσεως Ἑλλάδος καὶ ΕΟΚ.

ΒΡΥΞΕΛΛΑΙ, 8. (Ἀθ. Πρακτ.). — Συνῆλθεν ἡ ἐπιτροπὴ συνδέσεως Ἑλλάδος καὶ ΕΟΚ.
